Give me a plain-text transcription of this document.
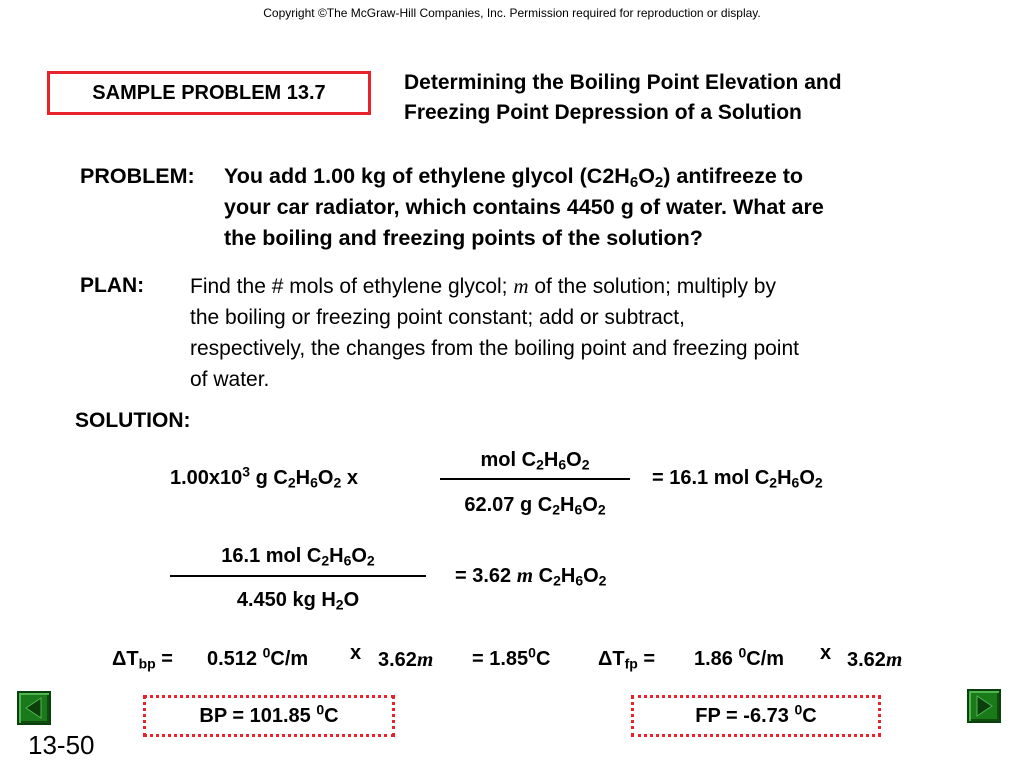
Copyright ©The McGraw-Hill Companies, Inc. Permission required for reproduction or display.
SAMPLE PROBLEM 13.7	Determining the Boiling Point Elevation and
Freezing Point Depression of a Solution
PROBLEM: You add 1.00 kg of ethylene glycol $(C2H_6O_2)$ antifreeze to
your car radiator, which contains 4450 g of water. What are
the boiling and freezing points of the solution?
PLAN: Find the # mols of ethylene glycol; m of the solution; multiply by
the boiling or freezing point constant; add or subtract,
respectively, the changes from the boiling point and freezing point
of water.
SOLUTION:
$1.00x10^3$ g $C_2H_6O_2$ x
mol $C_2H_6O_2$
62.07 g $C_2H_6O_2$
= 16.1 mol $C_2H_6O_2$
16.1 mol $C_2H_6O_2$
4.450 kg $H_2O$
= 3.62 m $C_2H_6O_2$
$\Delta T_{bp} = 0.512$ $^0$C/m x $3.62m = 1.85^0C$ $\Delta T_{fp} = 1.86$ $^0$C/m x 3.62m
BP = 101.85 $^0$C	FP = -6.73 $^0$C
13-50
